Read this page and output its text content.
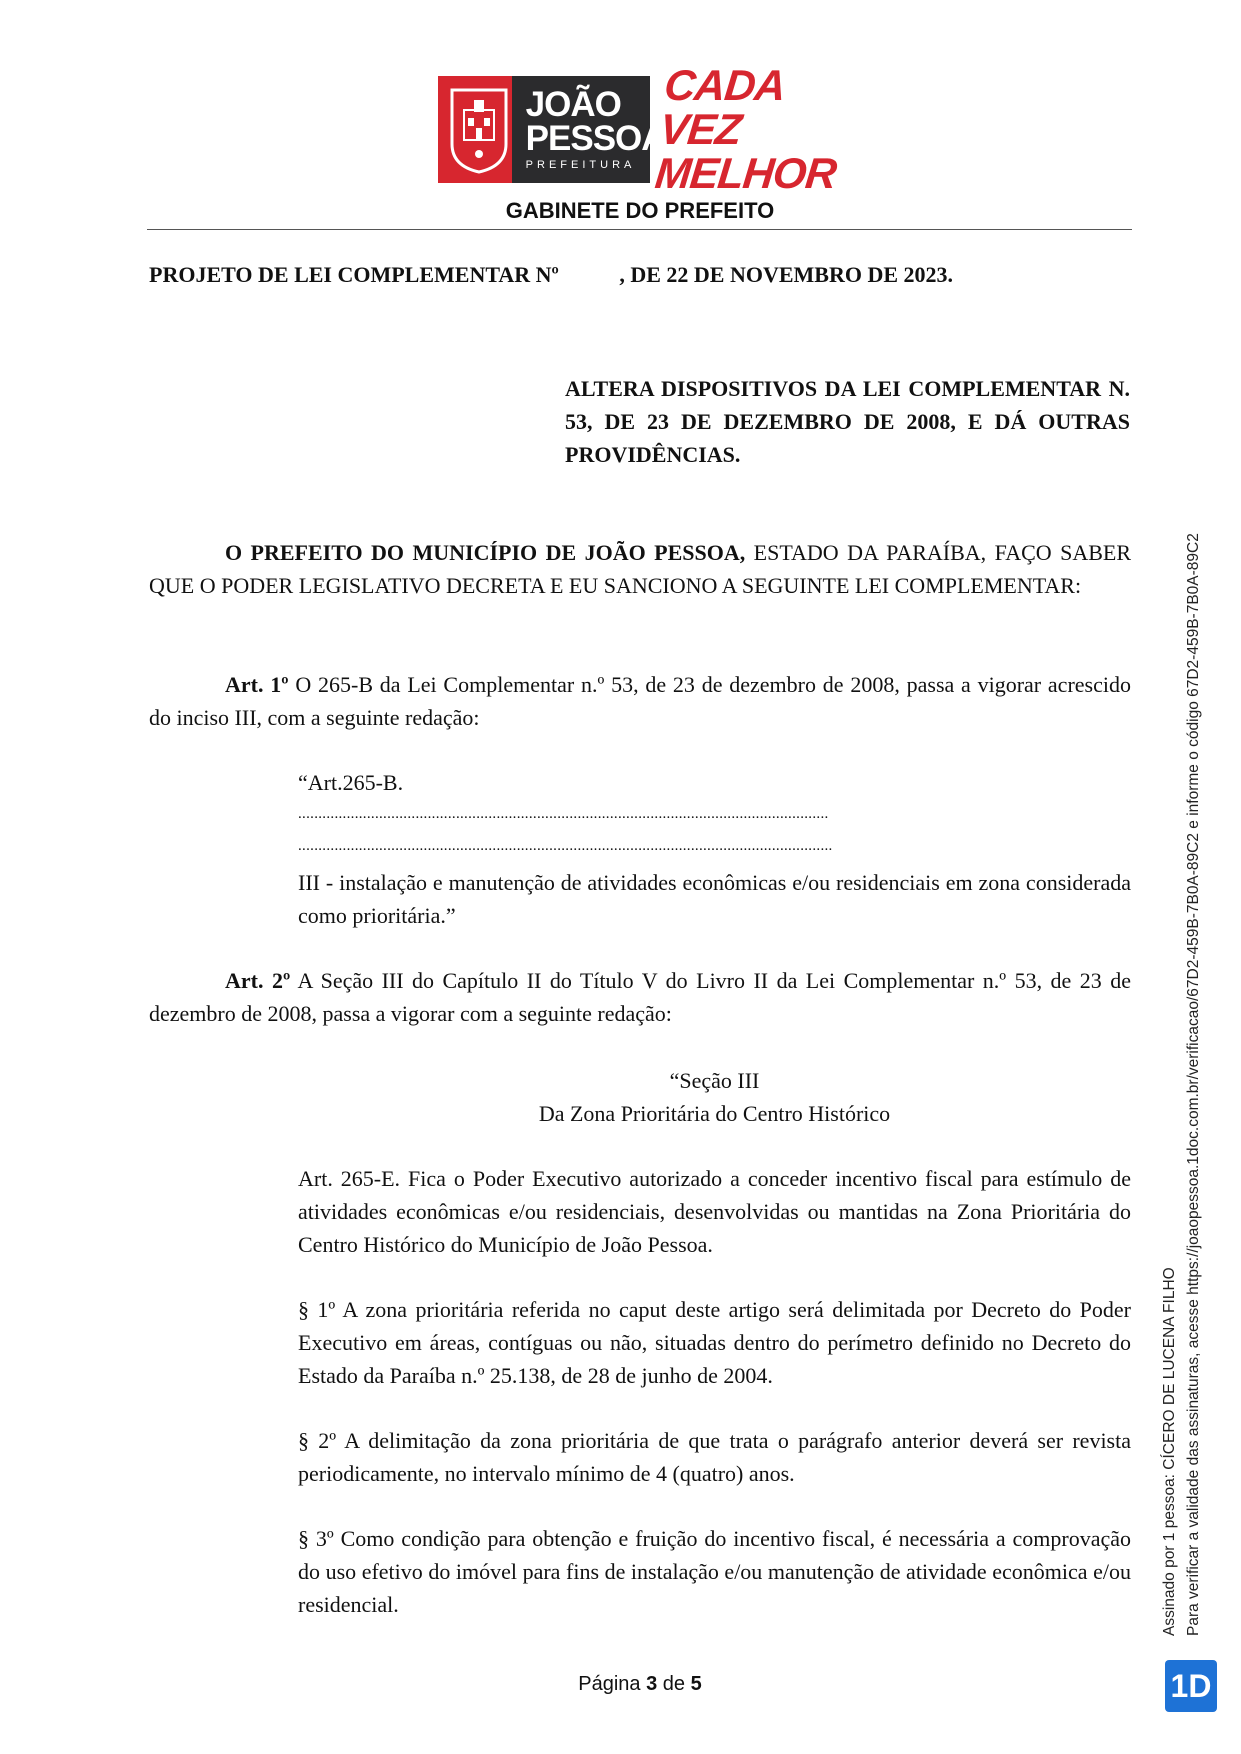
JOÃO
PESSOA
PREFEITURA
CADA VEZ
MELHOR
GABINETE DO PREFEITO
PROJETO DE LEI COMPLEMENTAR Nº           , DE 22 DE NOVEMBRO DE 2023.
ALTERA DISPOSITIVOS DA LEI COMPLEMENTAR N. 53, DE 23 DE DEZEMBRO DE 2008, E DÁ OUTRAS PROVIDÊNCIAS.
O PREFEITO DO MUNICÍPIO DE JOÃO PESSOA, ESTADO DA PARAÍBA, FAÇO SABER QUE O PODER LEGISLATIVO DECRETA E EU SANCIONO A SEGUINTE LEI COMPLEMENTAR:
Art. 1º O 265-B da Lei Complementar n.º 53, de 23 de dezembro de 2008, passa a vigorar acrescido do inciso III, com a seguinte redação:
“Art.265-B.
...................................................................................................................................
....................................................................................................................................
III - instalação e manutenção de atividades econômicas e/ou residenciais em zona considerada como prioritária.”
Art. 2º A Seção III do Capítulo II do Título V do Livro II da Lei Complementar n.º 53, de 23 de dezembro de 2008, passa a vigorar com a seguinte redação:
“Seção III
Da Zona Prioritária do Centro Histórico
Art. 265-E. Fica o Poder Executivo autorizado a conceder incentivo fiscal para estímulo de atividades econômicas e/ou residenciais, desenvolvidas ou mantidas na Zona Prioritária do Centro Histórico do Município de João Pessoa.
§ 1º A zona prioritária referida no caput deste artigo será delimitada por Decreto do Poder Executivo em áreas, contíguas ou não, situadas dentro do perímetro definido no Decreto do Estado da Paraíba n.º 25.138, de 28 de junho de 2004.
§ 2º A delimitação da zona prioritária de que trata o parágrafo anterior deverá ser revista periodicamente, no intervalo mínimo de 4 (quatro) anos.
§ 3º Como condição para obtenção e fruição do incentivo fiscal, é necessária a comprovação do uso efetivo do imóvel para fins de instalação e/ou manutenção de atividade econômica e/ou residencial.
Página 3 de 5
Assinado por 1 pessoa: CÍCERO DE LUCENA FILHO Para verificar a validade das assinaturas, acesse https://joaopessoa.1doc.com.br/verificacao/67D2-459B-7B0A-89C2 e informe o código 67D2-459B-7B0A-89C2
1D
